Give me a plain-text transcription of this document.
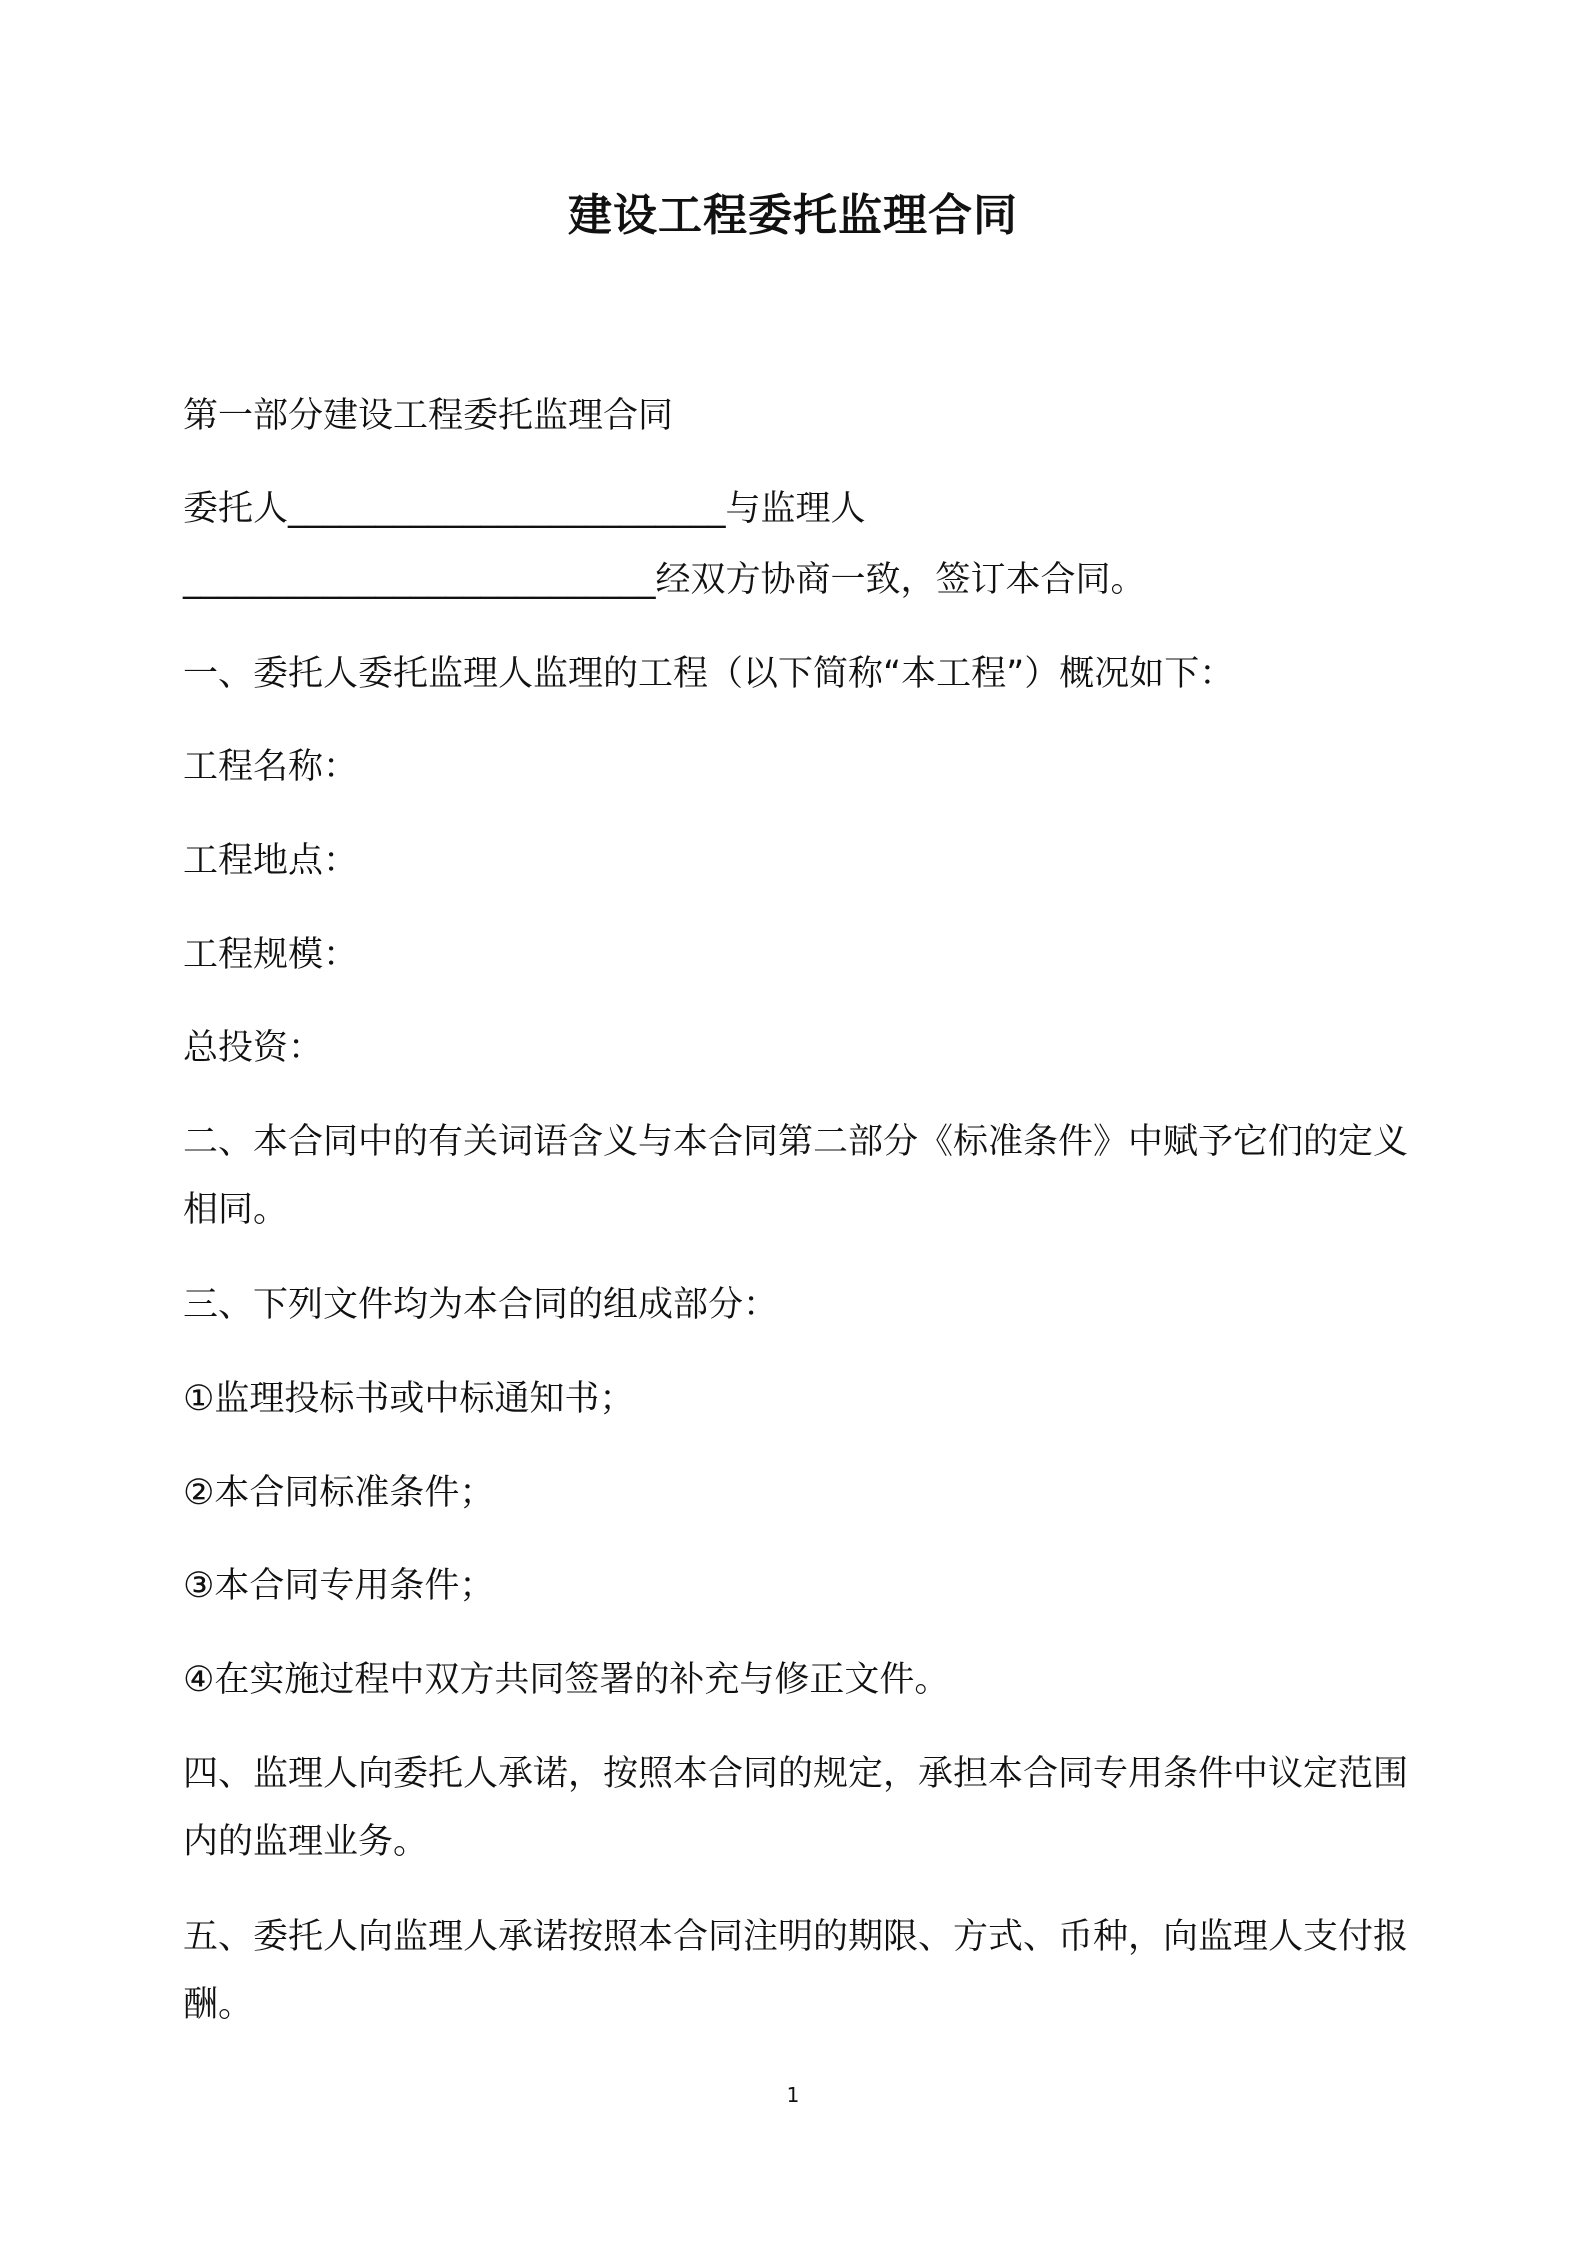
建设工程委托监理合同

第一部分建设工程委托监理合同

委托人_________________________与监理人

___________________________经双方协商一致，签订本合同。

一、委托人委托监理人监理的工程（以下简称“本工程”）概况如下：

工程名称：

工程地点：

工程规模：

总投资：

二、本合同中的有关词语含义与本合同第二部分《标准条件》中赋予它们的定义相同。

三、下列文件均为本合同的组成部分：

①监理投标书或中标通知书；

②本合同标准条件；

③本合同专用条件；

④在实施过程中双方共同签署的补充与修正文件。

四、监理人向委托人承诺，按照本合同的规定，承担本合同专用条件中议定范围内的监理业务。

五、委托人向监理人承诺按照本合同注明的期限、方式、币种，向监理人支付报酬。

1
